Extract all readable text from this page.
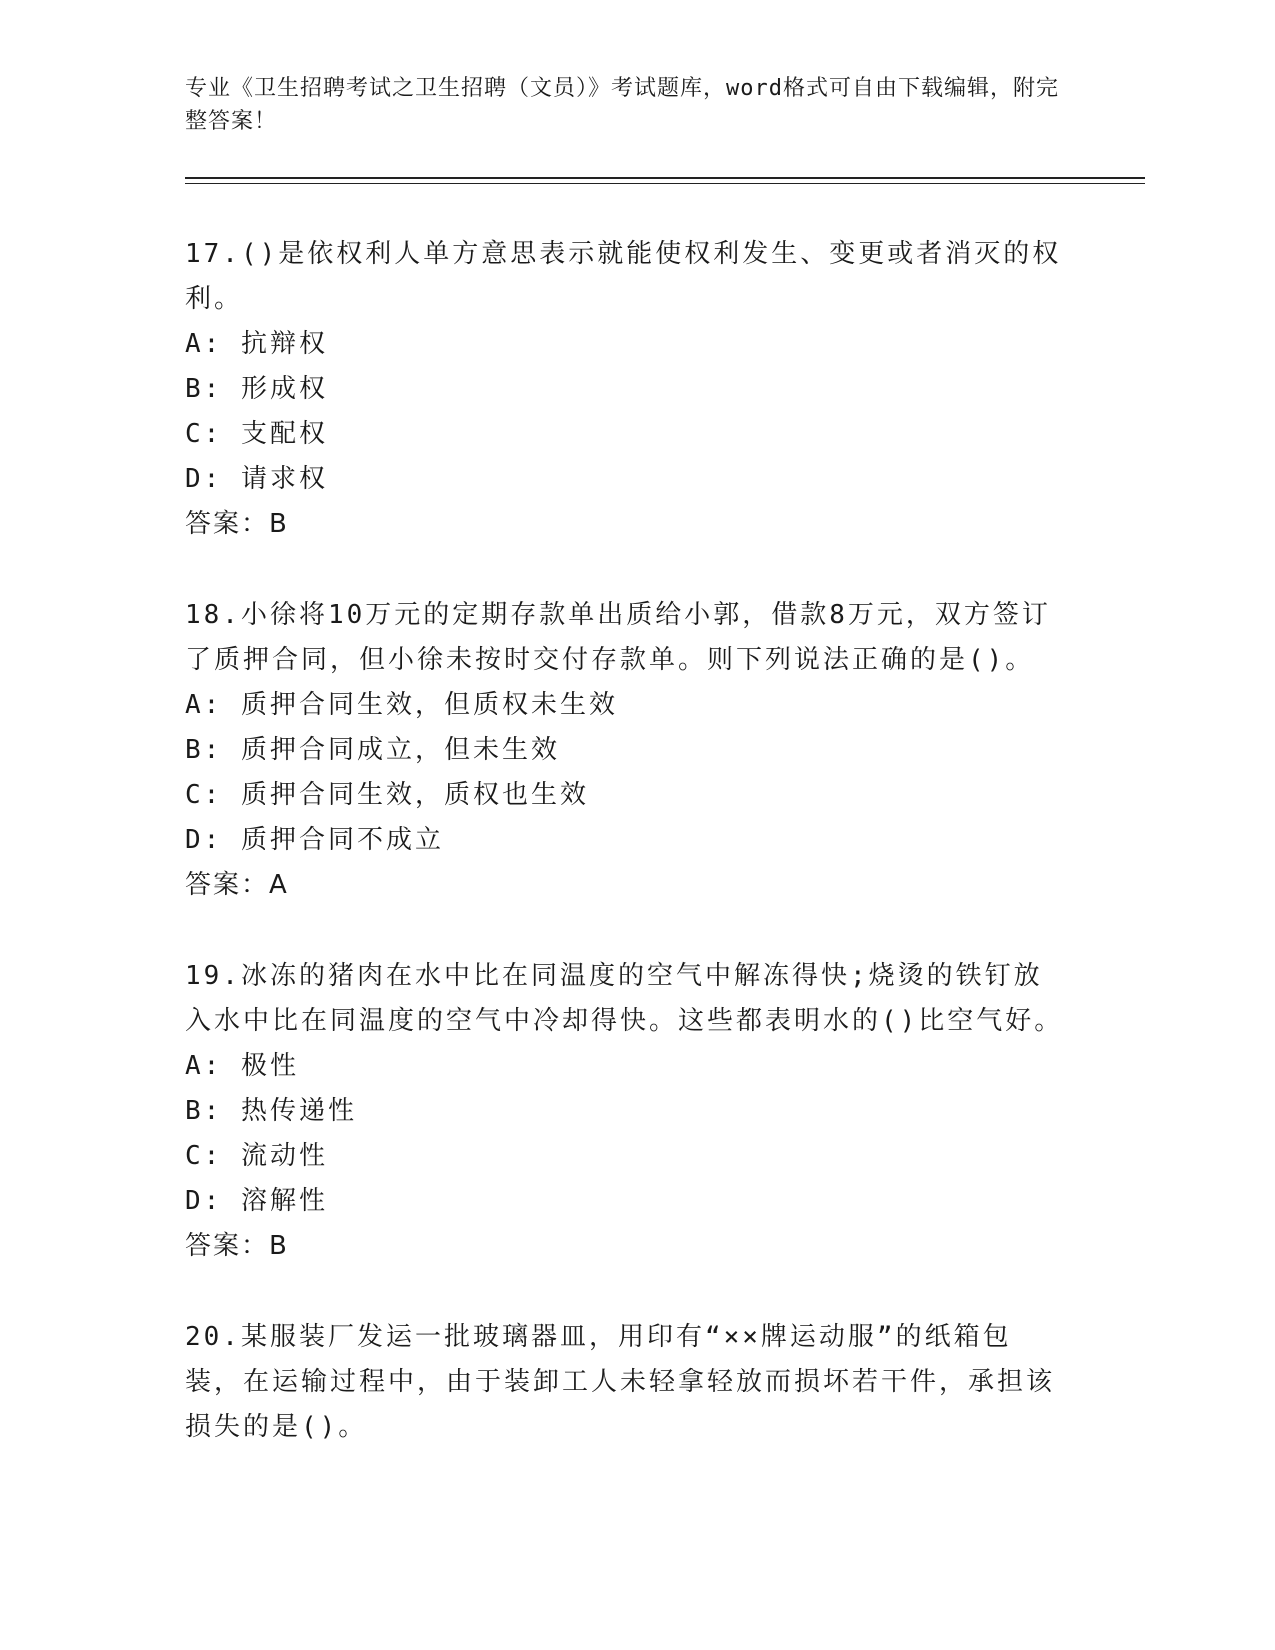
专业《卫生招聘考试之卫生招聘（文员）》考试题库，word格式可自由下载编辑，附完整答案！
17.()是依权利人单方意思表示就能使权利发生、变更或者消灭的权利。
A: 抗辩权
B: 形成权
C: 支配权
D: 请求权
答案：B
18.小徐将10万元的定期存款单出质给小郭，借款8万元，双方签订了质押合同，但小徐未按时交付存款单。则下列说法正确的是()。
A: 质押合同生效，但质权未生效
B: 质押合同成立，但未生效
C: 质押合同生效，质权也生效
D: 质押合同不成立
答案：A
19.冰冻的猪肉在水中比在同温度的空气中解冻得快;烧烫的铁钉放入水中比在同温度的空气中冷却得快。这些都表明水的()比空气好。
A: 极性
B: 热传递性
C: 流动性
D: 溶解性
答案：B
20.某服装厂发运一批玻璃器皿，用印有“××牌运动服”的纸箱包装，在运输过程中，由于装卸工人未轻拿轻放而损坏若干件，承担该损失的是()。
